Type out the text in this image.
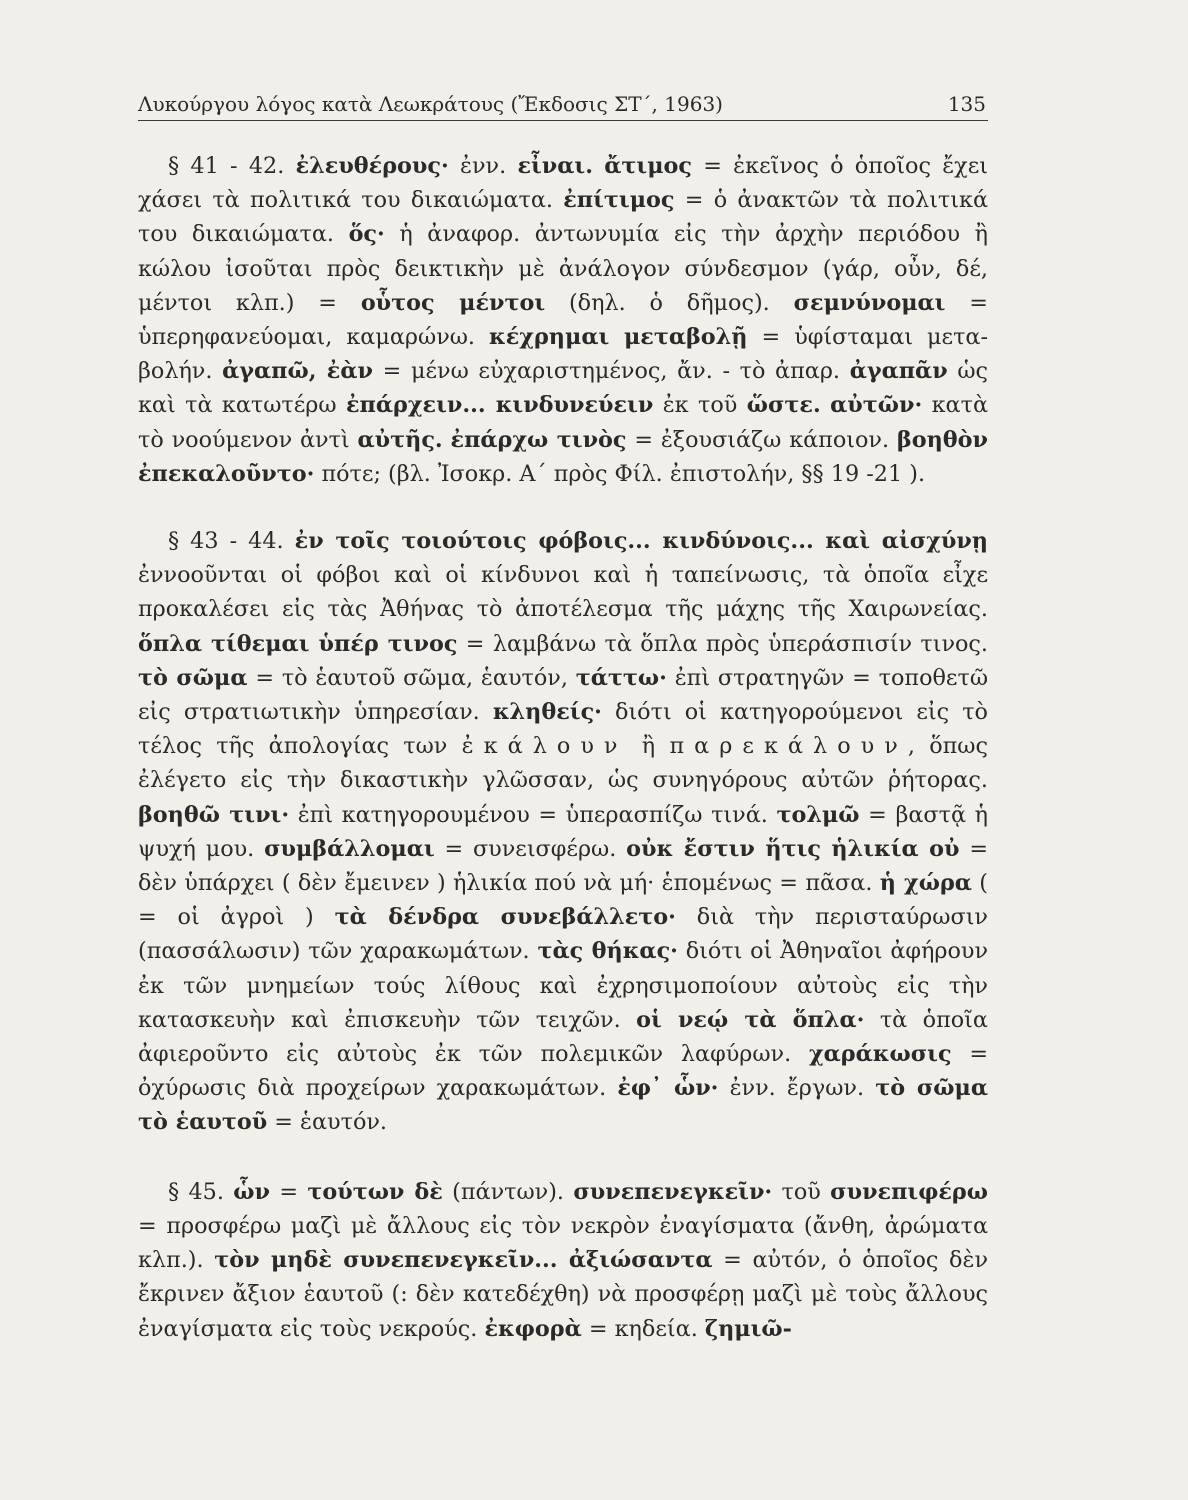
Λυκούργου λόγος κατὰ Λεωκράτους (Ἔκδοσις ΣΤ΄, 1963)	135

§ 41 - 42. ἐλευθέρους· ἐνν. εἶναι. ἄτιμος = ἐκεῖνος ὁ ὁποῖος ἔχει χάσει τὰ πολιτικά του δικαιώματα. ἐπίτιμος = ὁ ἀνακτῶν τὰ πολιτικά του δικαιώματα. ὅς· ἡ ἀναφορ. ἀντωνυμία εἰς τὴν ἀρχὴν περιόδου ἢ κώλου ἰσοῦται πρὸς δεικτικὴν μὲ ἀνάλογον σύνδεσμον (γάρ, οὖν, δέ, μέντοι κλπ.) = οὗτος μέντοι (δηλ. ὁ δῆμος). σεμνύνομαι = ὑπερηφανεύομαι, καμαρώνω. κέχρημαι μεταβολῇ = ὑφίσταμαι μεταβολήν. ἀγαπῶ, ἐὰν = μένω εὐχαριστημένος, ἄν. - τὸ ἀπαρ. ἀγαπᾶν ὡς καὶ τὰ κατωτέρω ἐπάρχειν... κινδυνεύειν ἐκ τοῦ ὥστε. αὐτῶν· κατὰ τὸ νοούμενον ἀντὶ αὐτῆς. ἐπάρχω τινὸς = ἐξουσιάζω κάποιον. βοηθὸν ἐπεκαλοῦντο· πότε; (βλ. Ἰσοκρ. Α΄ πρὸς Φίλ. ἐπιστολήν, §§ 19 -21 ).

§ 43 - 44. ἐν τοῖς τοιούτοις φόβοις... κινδύνοις... καὶ αἰσχύνῃ ἐννοοῦνται οἱ φόβοι καὶ οἱ κίνδυνοι καὶ ἡ ταπείνωσις, τὰ ὁποῖα εἶχε προκαλέσει εἰς τὰς Ἀθήνας τὸ ἀποτέλεσμα τῆς μάχης τῆς Χαιρωνείας. ὅπλα τίθεμαι ὑπέρ τινος = λαμβάνω τὰ ὅπλα πρὸς ὑπεράσπισίν τινος. τὸ σῶμα = τὸ ἑαυτοῦ σῶμα, ἑαυτόν, τάττω· ἐπὶ στρατηγῶν = τοποθετῶ εἰς στρατιωτικὴν ὑπηρεσίαν. κληθείς· διότι οἱ κατηγορούμενοι εἰς τὸ τέλος τῆς ἀπολογίας των ἐκάλουν ἢ παρεκάλουν, ὅπως ἐλέγετο εἰς τὴν δικαστικὴν γλῶσσαν, ὡς συνηγόρους αὐτῶν ῥήτορας. βοηθῶ τινι· ἐπὶ κατηγορουμένου = ὑπερασπίζω τινά. τολμῶ = βαστᾷ ἡ ψυχή μου. συμβάλλομαι = συνεισφέρω. οὐκ ἔστιν ἥτις ἡλικία οὐ = δὲν ὑπάρχει ( δὲν ἔμεινεν ) ἡλικία πού νὰ μή· ἑπομένως = πᾶσα. ἡ χώρα ( = οἱ ἀγροὶ ) τὰ δένδρα συνεβάλλετο· διὰ τὴν περισταύρωσιν (πασσάλωσιν) τῶν χαρακωμάτων. τὰς θήκας· διότι οἱ Ἀθηναῖοι ἀφήρουν ἐκ τῶν μνημείων τούς λίθους καὶ ἐχρησιμοποίουν αὐτοὺς εἰς τὴν κατασκευὴν καὶ ἐπισκευὴν τῶν τειχῶν. οἱ νεῴ τὰ ὅπλα· τὰ ὁποῖα ἀφιεροῦντο εἰς αὐτοὺς ἐκ τῶν πολεμικῶν λαφύρων. χαράκωσις = ὀχύρωσις διὰ προχείρων χαρακωμάτων. ἐφ᾽ ὧν· ἐνν. ἔργων. τὸ σῶμα τὸ ἑαυτοῦ = ἑαυτόν.

§ 45. ὧν = τούτων δὲ (πάντων). συνεπενεγκεῖν· τοῦ συνεπιφέρω = προσφέρω μαζὶ μὲ ἄλλους εἰς τὸν νεκρὸν ἐναγίσματα (ἄνθη, ἀρώματα κλπ.). τὸν μηδὲ συνεπενεγκεῖν... ἀξιώσαντα = αὐτόν, ὁ ὁποῖος δὲν ἔκρινεν ἄξιον ἑαυτοῦ (: δὲν κατεδέχθη) νὰ προσφέρῃ μαζὶ μὲ τοὺς ἄλλους ἐναγίσματα εἰς τοὺς νεκρούς. ἐκφορὰ = κηδεία. ζημιῶ-
